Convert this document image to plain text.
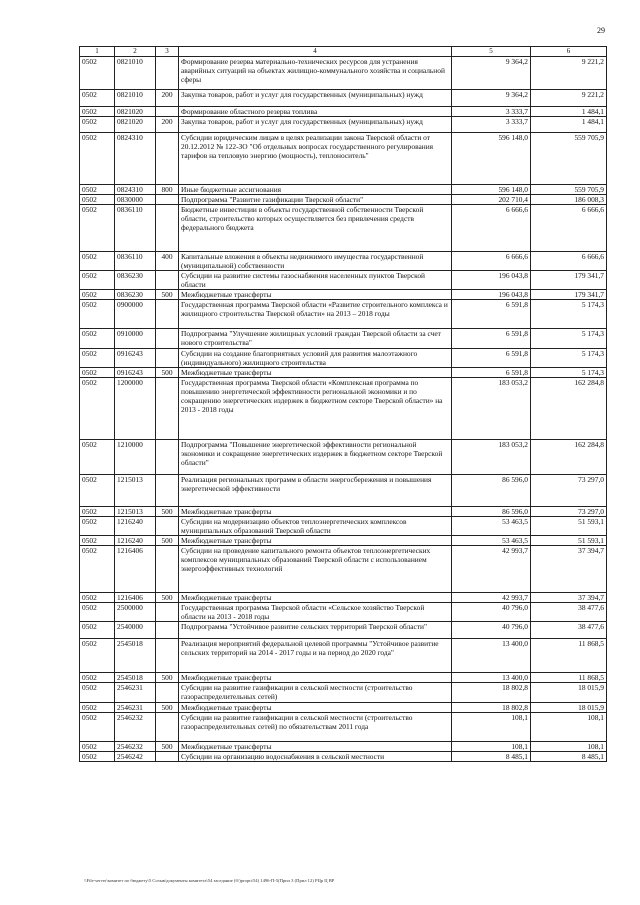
29
1	2	3	4	5	6
0502	0821010		Формирование резерва материально-технических ресурсов для устранения аварийных ситуаций на объектах жилищно-коммунального хозяйства и социальной сферы	9 364,2	9 221,2
0502	0821010	200	Закупка товаров, работ и услуг для государственных (муниципальных) нужд	9 364,2	9 221,2
0502	0821020		Формирование областного резерва топлива	3 333,7	1 484,1
0502	0821020	200	Закупка товаров, работ и услуг для государственных (муниципальных) нужд	3 333,7	1 484,1
0502	0824310		Субсидии юридическим лицам в целях реализации закона Тверской области от 20.12.2012 № 122-ЗО "Об отдельных вопросах государственного регулирования тарифов на тепловую энергию (мощность), теплоноситель"	596 148,0	559 705,9
0502	0824310	800	Иные бюджетные ассигнования	596 148,0	559 705,9
0502	0830000		Подпрограмма "Развитие газификации Тверской области"	202 710,4	186 008,3
0502	0836110		Бюджетные инвестиции в объекты государственной собственности Тверской области, строительство которых осуществляется без привлечения средств федерального бюджета	6 666,6	6 666,6
0502	0836110	400	Капитальные вложения в объекты недвижимого имущества государственной (муниципальной) собственности	6 666,6	6 666,6
0502	0836230		Субсидии на развитие системы газоснабжения населенных пунктов Тверской области	196 043,8	179 341,7
0502	0836230	500	Межбюджетные трансферты	196 043,8	179 341,7
0502	0900000		Государственная программа Тверской области «Развитие строительного комплекса и жилищного строительства Тверской области» на 2013 – 2018 годы	6 591,8	5 174,3
0502	0910000		Подпрограмма "Улучшение жилищных условий граждан Тверской области за счет нового строительства"	6 591,8	5 174,3
0502	0916243		Субсидии на создание благоприятных условий для развития малоэтажного (индивидуального) жилищного строительства	6 591,8	5 174,3
0502	0916243	500	Межбюджетные трансферты	6 591,8	5 174,3
0502	1200000		Государственная программа Тверской области «Комплексная программа по повышению энергетической эффективности региональной экономики и по сокращению энергетических издержек в бюджетном секторе Тверской области» на 2013 - 2018 годы	183 053,2	162 284,8
0502	1210000		Подпрограмма "Повышение энергетической эффективности региональной экономики и сокращение энергетических издержек в бюджетном секторе Тверской области"	183 053,2	162 284,8
0502	1215013		Реализация региональных программ в области энергосбережения и повышения энергетической эффективности	86 596,0	73 297,0
0502	1215013	500	Межбюджетные трансферты	86 596,0	73 297,0
0502	1216240		Субсидии на модернизацию объектов теплоэнергетических комплексов муниципальных образований Тверской области	53 463,5	51 593,1
0502	1216240	500	Межбюджетные трансферты	53 463,5	51 593,1
0502	1216406		Субсидии на проведение капитального ремонта объектов теплоэнергетических комплексов муниципальных образований Тверской области с использованием энергоэффективных технологий	42 993,7	37 394,7
0502	1216406	500	Межбюджетные трансферты	42 993,7	37 394,7
0502	2500000		Государственная программа Тверской области «Сельское хозяйство Тверской области на 2013 - 2018 годы	40 796,0	38 477,6
0502	2540000		Подпрограмма "Устойчивое развитие сельских территорий Тверской области"	40 796,0	38 477,6
0502	2545018		Реализация мероприятий федеральной целевой программы "Устойчивое развитие сельских территорий на 2014 - 2017 годы и на период до 2020 года"	13 400,0	11 868,5
0502	2545018	500	Межбюджетные трансферты	13 400,0	11 868,5
0502	2546231		Субсидии на развитие газификации в сельской местности (строительство газораспределительных сетей)	18 802,8	18 015,9
0502	2546231	500	Межбюджетные трансферты	18 802,8	18 015,9
0502	2546232		Субсидии на развитие газификации в сельской местности (строительство газораспределительных сетей) по обязательствам 2011 года	108,1	108,1
0502	2546232	500	Межбюджетные трансферты	108,1	108,1
0502	2546242		Субсидии на организацию водоснабжения в сельской местности	8 485,1	8 485,1
\\File-server\комитет по бюджету\5 Созыв\документы комитета\54 заседание (б\)ргорп\54) 1496-П-5(Прил 3 (Прил 12) РЦр Ц ВР
